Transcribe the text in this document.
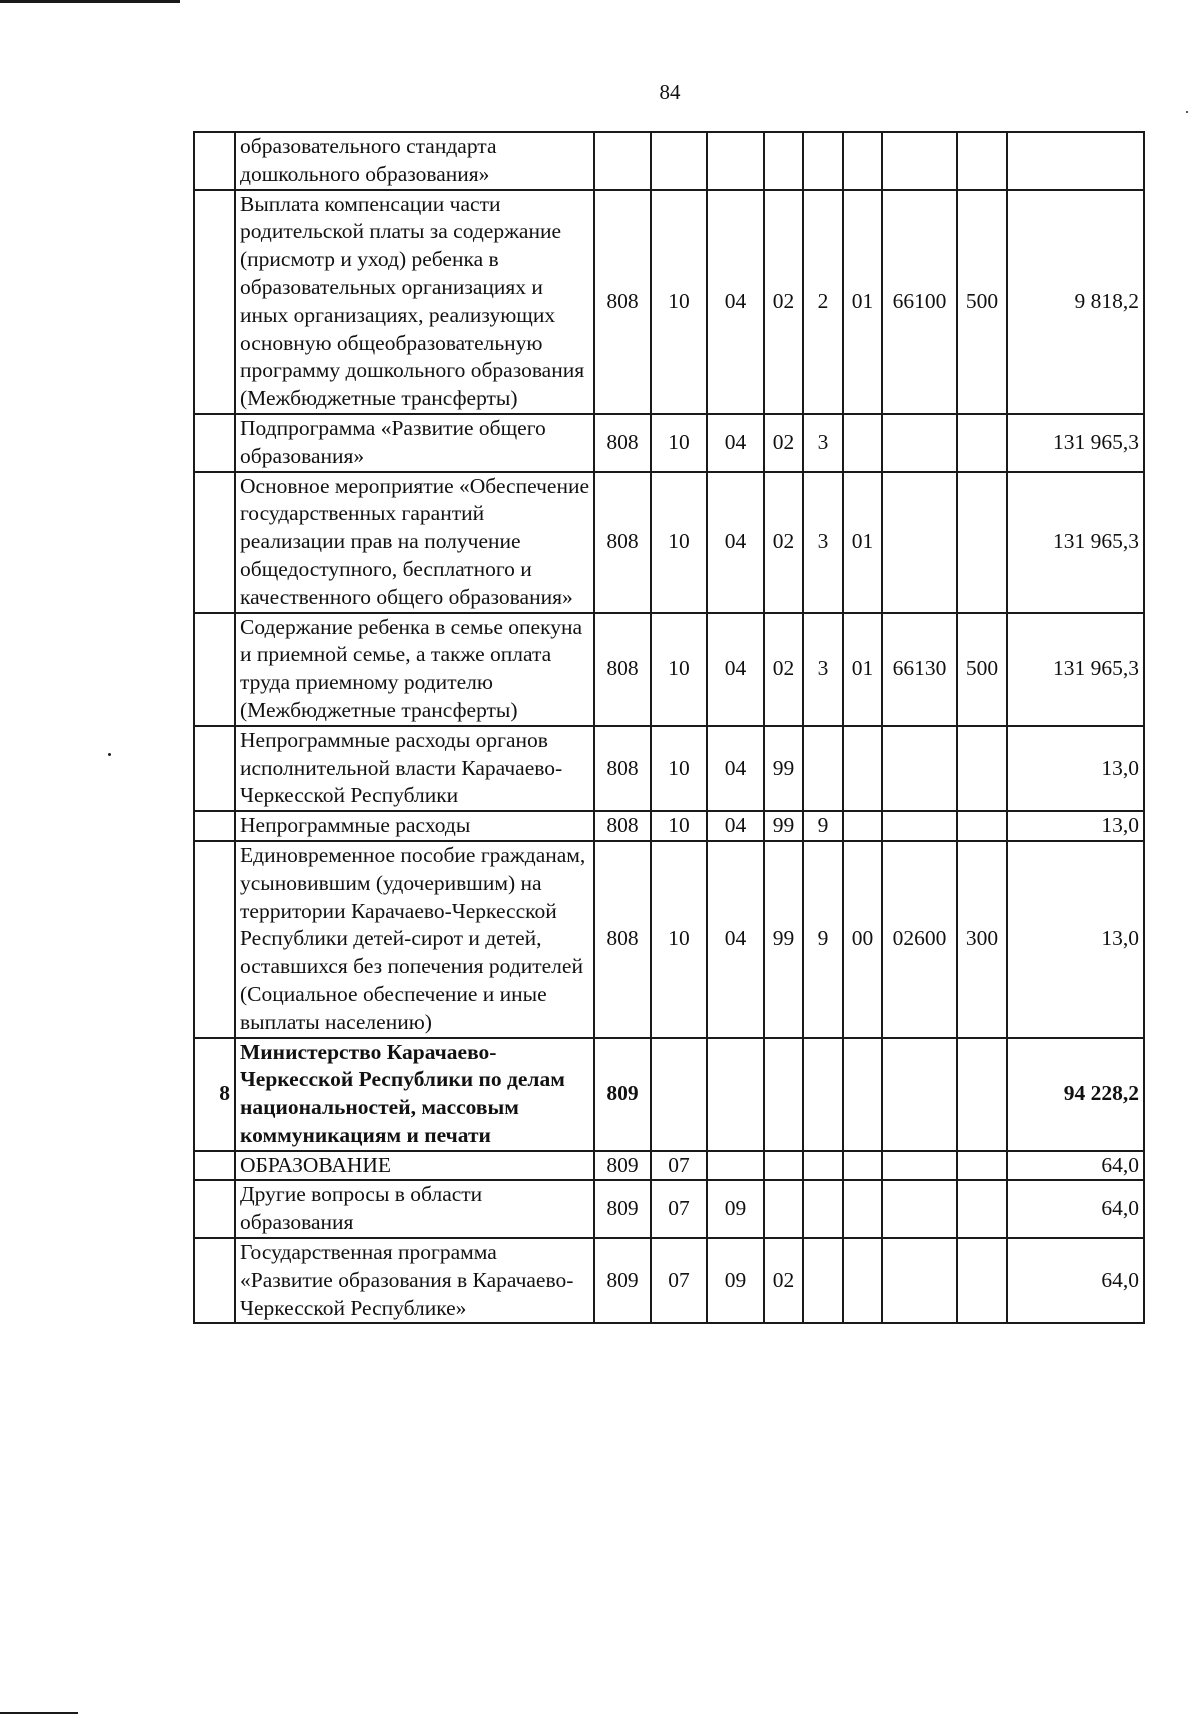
84
	образовательного стандарта дошкольного образования»									
	Выплата компенсации части родительской платы за содержание (присмотр и уход) ребенка в образовательных организациях и иных организациях, реализующих основную общеобразовательную программу дошкольного образования (Межбюджетные трансферты)	808	10	04	02	2	01	66100	500	9 818,2
	Подпрограмма «Развитие общего образования»	808	10	04	02	3				131 965,3
	Основное мероприятие «Обеспечение государственных гарантий реализации прав на получение общедоступного, бесплатного и качественного общего образования»	808	10	04	02	3	01			131 965,3
	Содержание ребенка в семье опекуна и приемной семье, а также оплата труда приемному родителю (Межбюджетные трансферты)	808	10	04	02	3	01	66130	500	131 965,3
	Непрограммные расходы органов исполнительной власти Карачаево-Черкесской Республики	808	10	04	99					13,0
	Непрограммные расходы	808	10	04	99	9				13,0
	Единовременное пособие гражданам, усыновившим (удочерившим) на территории Карачаево-Черкесской Республики детей-сирот и детей, оставшихся без попечения родителей (Социальное обеспечение и иные выплаты населению)	808	10	04	99	9	00	02600	300	13,0
8	Министерство Карачаево-Черкесской Республики по делам национальностей, массовым коммуникациям и печати	809								94 228,2
	ОБРАЗОВАНИЕ	809	07							64,0
	Другие вопросы в области образования	809	07	09						64,0
	Государственная программа «Развитие образования в Карачаево-Черкесской Республике»	809	07	09	02					64,0
